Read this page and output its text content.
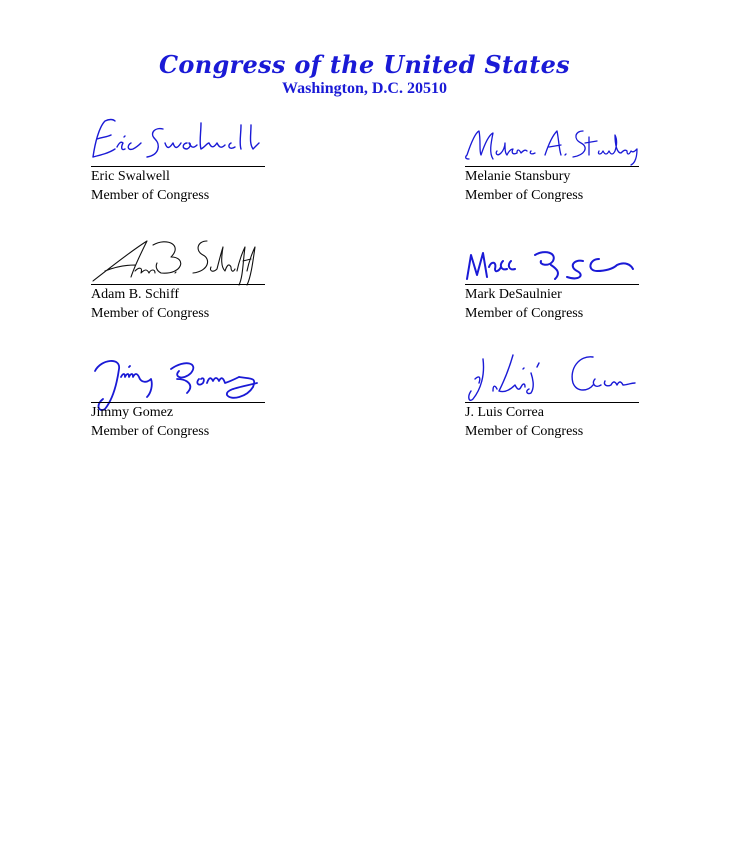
Congress of the United States
Washington, D.C. 20510
Eric Swalwell
Member of Congress
Melanie Stansbury
Member of Congress
Adam B. Schiff
Member of Congress
Mark DeSaulnier
Member of Congress
Jimmy Gomez
Member of Congress
J. Luis Correa
Member of Congress
